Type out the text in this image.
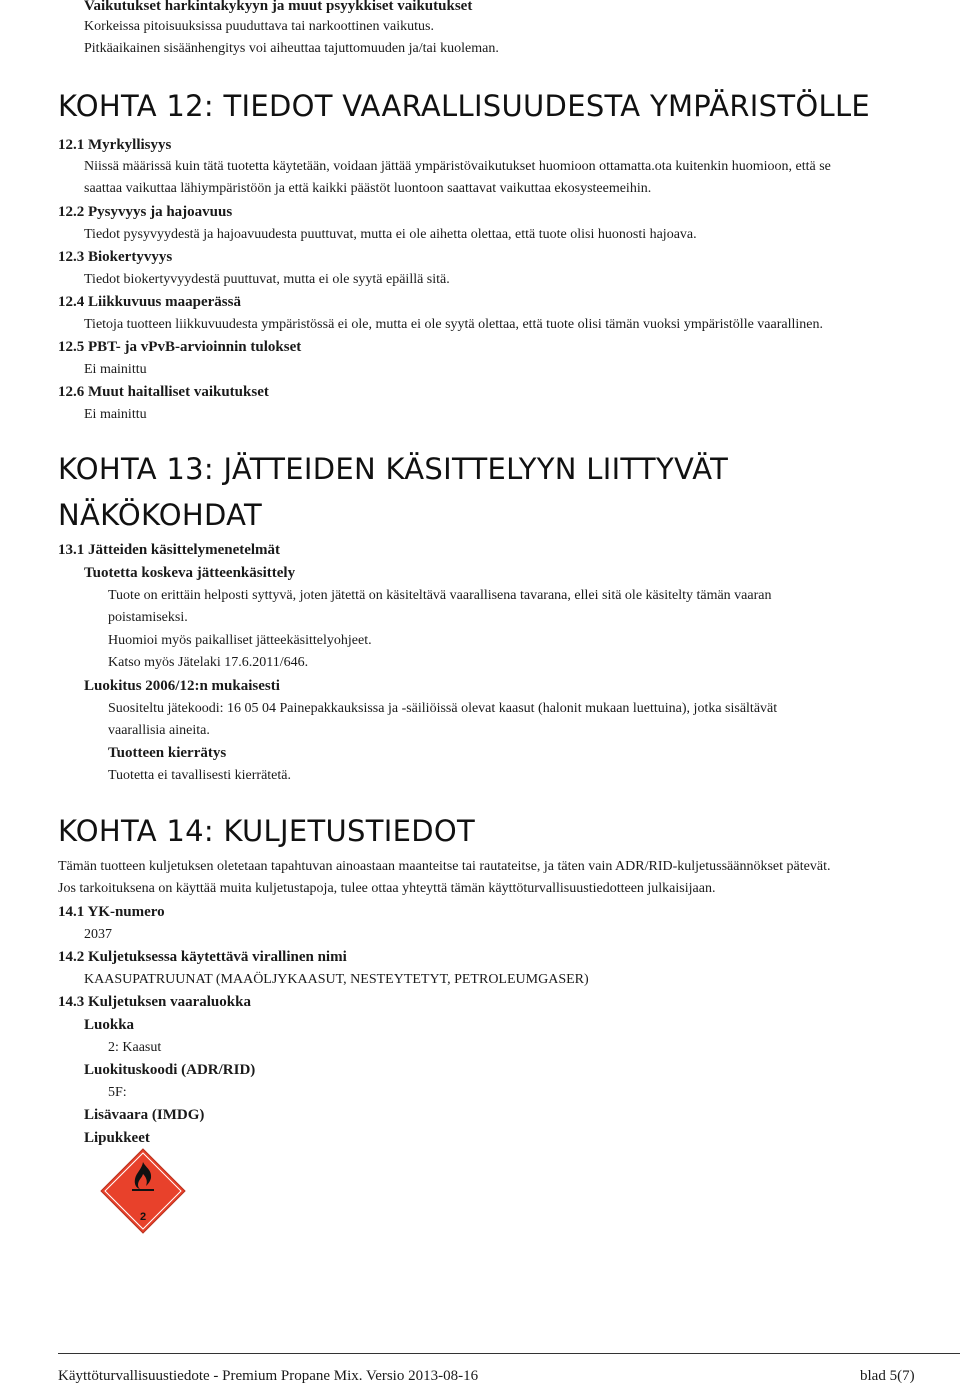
Vaikutukset harkintakykyyn ja muut psyykkiset vaikutukset
Korkeissa pitoisuuksissa puuduttava tai narkoottinen vaikutus.
Pitkäaikainen sisäänhengitys voi aiheuttaa tajuttomuuden ja/tai kuoleman.
KOHTA 12: TIEDOT VAARALLISUUDESTA YMPÄRISTÖLLE
12.1 Myrkyllisyys
Niissä määrissä kuin tätä tuotetta käytetään, voidaan jättää ympäristövaikutukset huomioon ottamatta.ota kuitenkin huomioon, että se
saattaa vaikuttaa lähiympäristöön ja että kaikki päästöt luontoon saattavat vaikuttaa ekosysteemeihin.
12.2 Pysyvyys ja hajoavuus
Tiedot pysyvyydestä ja hajoavuudesta puuttuvat, mutta ei ole aihetta olettaa, että tuote olisi huonosti hajoava.
12.3 Biokertyvyys
Tiedot biokertyvyydestä puuttuvat, mutta ei ole syytä epäillä sitä.
12.4 Liikkuvuus maaperässä
Tietoja tuotteen liikkuvuudesta ympäristössä ei ole, mutta ei ole syytä olettaa, että tuote olisi tämän vuoksi ympäristölle vaarallinen.
12.5 PBT- ja vPvB-arvioinnin tulokset
Ei mainittu
12.6 Muut haitalliset vaikutukset
Ei mainittu
KOHTA 13: JÄTTEIDEN KÄSITTELYYN LIITTYVÄT
NÄKÖKOHDAT
13.1 Jätteiden käsittelymenetelmät
Tuotetta koskeva jätteenkäsittely
Tuote on erittäin helposti syttyvä, joten jätettä on käsiteltävä vaarallisena tavarana, ellei sitä ole käsitelty tämän vaaran
poistamiseksi.
Huomioi myös paikalliset jätteekäsittelyohjeet.
Katso myös Jätelaki 17.6.2011/646.
Luokitus 2006/12:n mukaisesti
Suositeltu jätekoodi: 16 05 04 Painepakkauksissa ja -säiliöissä olevat kaasut (halonit mukaan luettuina), jotka sisältävät
vaarallisia aineita.
Tuotteen kierrätys
Tuotetta ei tavallisesti kierrätetä.
KOHTA 14: KULJETUSTIEDOT
Tämän tuotteen kuljetuksen oletetaan tapahtuvan ainoastaan maanteitse tai rautateitse, ja täten vain ADR/RID-kuljetussäännökset pätevät.
Jos tarkoituksena on käyttää muita kuljetustapoja, tulee ottaa yhteyttä tämän käyttöturvallisuustiedotteen julkaisijaan.
14.1 YK-numero
2037
14.2 Kuljetuksessa käytettävä virallinen nimi
KAASUPATRUUNAT (MAAÖLJYKAASUT, NESTEYTETYT, PETROLEUMGASER)
14.3 Kuljetuksen vaaraluokka
Luokka
2: Kaasut
Luokituskoodi (ADR/RID)
5F:
Lisävaara (IMDG)
Lipukkeet
2
Käyttöturvallisuustiedote - Premium Propane Mix. Versio 2013-08-16	blad 5(7)
